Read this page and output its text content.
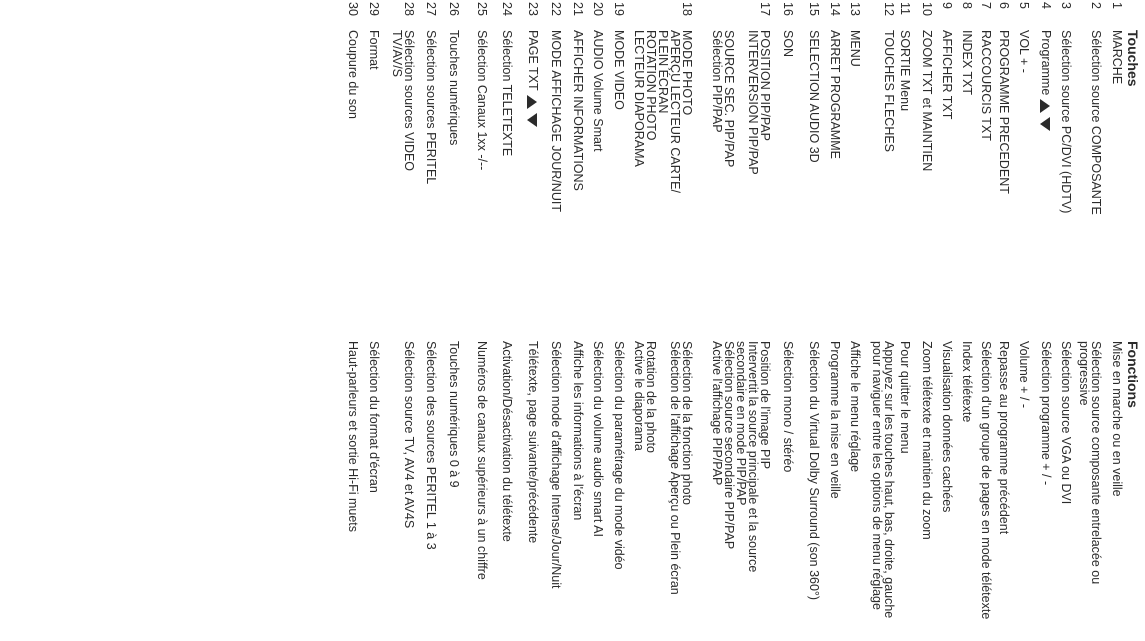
Touches
Fonctions
1
MARCHE
Mise en marche ou en veille
2
Sélection source COMPOSANTE
Sélection source composante entrelacée ou
progressive
3
Sélection source PC/DVI (HDTV)
Sélection source VGA ou DVI
4
Programme
Sélection programme + / -
5
VOL + -
Volume + / -
6
PROGRAMME PRECEDENT
Repasse au programme précédent
7
RACCOURCIS TXT
Sélection d'un groupe de pages en mode télétexte
8
INDEX TXT
Index télétexte
9
AFFICHER TXT
Visualisation données cachées
10
ZOOM TXT et MAINTIEN
Zoom télétexte et maintien du zoom
11
SORTIE Menu
Pour quitter le menu
12
TOUCHES FLECHES
Appuyez sur les touches haut, bas, droite, gauche
pour naviguer entre les options de menu réglage
13
MENU
Affiche le menu réglage
14
ARRET PROGRAMME
Programme la mise en veille
15
SELECTION AUDIO 3D
Sélection du Virtual Dolby Surround (son 360°)
16
SON
Sélection mono / stéréo
17
POSITION PIP/PAP
INTERVERSION PIP/PAP

SOURCE SEC. PIP/PAP
Sélection PIP/PAP
Position de l'image PIP
Intervertit la source principale et la source
secondaire en mode PIP/PAP
Sélection source secondaire PIP/PAP
Active l'affichage PIP/PAP
18
MODE PHOTO
APERÇU LECTEUR CARTE/
PLEIN ÉCRAN
ROTATION PHOTO
LECTEUR DIAPORAMA
Sélection de la fonction photo
Sélection de l'affichage Aperçu ou Plein écran

Rotation de la photo
Active le diaporama
19
MODE VIDEO
Sélection du paramétrage du mode vidéo
20
AUDIO Volume Smart
Sélection du volume audio smart AI
21
AFFICHER INFORMATIONS
Affiche les informations à l'écran
22
MODE AFFICHAGE JOUR/NUIT
Sélection mode d'affichage Intense/Jour/Nuit
23
PAGE TXT
Télétexte, page suivante/précédente
24
Sélection TELETEXTE
Activation/Désactivation du télétexte
25
Sélection Canaux 1xx -/--
Numéros de canaux supérieurs à un chiffre
26
Touches numériques
Touches numériques 0 à 9
27
Sélection sources PERITEL
Sélection des sources PERITEL 1 à 3
28
Sélection sources VIDEO
TV/AV/S
Sélection source TV, AV4 et AV4S
29
Format
Sélection du format d'écran
30
Coupure du son
Haut-parleurs et sortie Hi-Fi muets
